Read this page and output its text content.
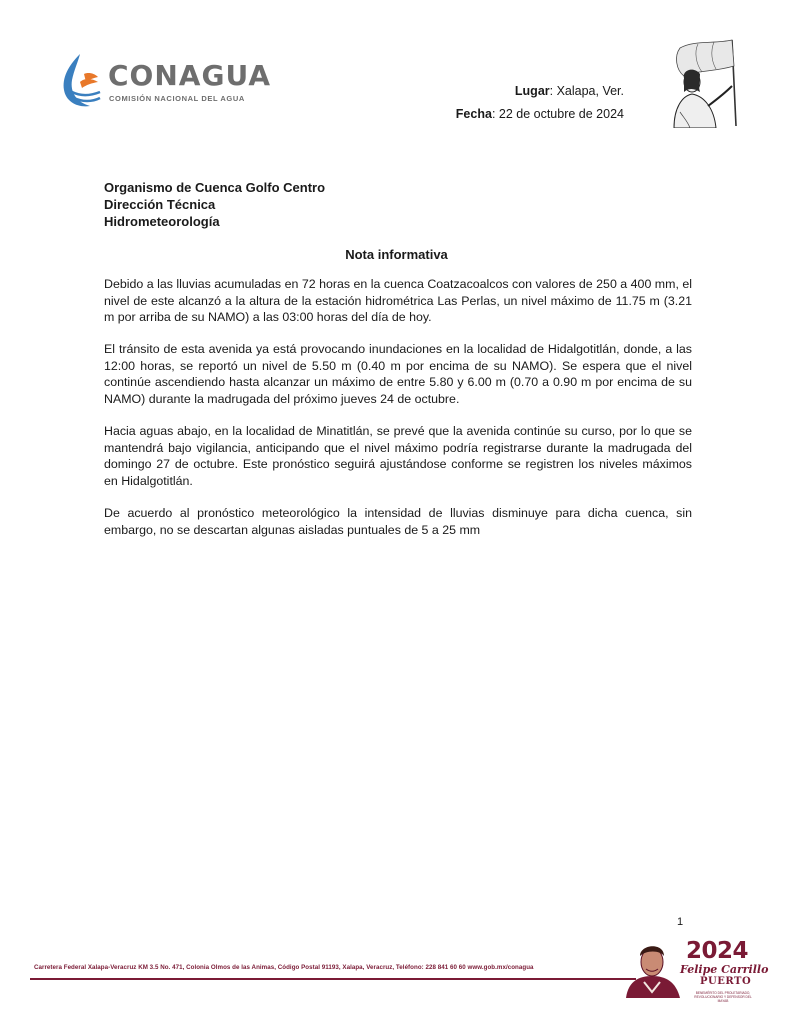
CONAGUA
COMISIÓN NACIONAL DEL AGUA
Lugar: Xalapa, Ver.
Fecha: 22 de octubre de 2024
Organismo de Cuenca Golfo Centro
Dirección Técnica
Hidrometeorología
Nota informativa

Debido a las lluvias acumuladas en 72 horas en la cuenca Coatzacoalcos con valores de 250 a 400 mm, el nivel de este alcanzó a la altura de la estación hidrométrica Las Perlas, un nivel máximo de 11.75 m (3.21 m por arriba de su NAMO) a las 03:00 horas del día de hoy.

El tránsito de esta avenida ya está provocando inundaciones en la localidad de Hidalgotitlán, donde, a las 12:00 horas, se reportó un nivel de 5.50 m (0.40 m por encima de su NAMO). Se espera que el nivel continúe ascendiendo hasta alcanzar un máximo de entre 5.80 y 6.00 m (0.70 a 0.90 m por encima de su NAMO) durante la madrugada del próximo jueves 24 de octubre.

Hacia aguas abajo, en la localidad de Minatitlán, se prevé que la avenida continúe su curso, por lo que se mantendrá bajo vigilancia, anticipando que el nivel máximo podría registrarse durante la madrugada del domingo 27 de octubre. Este pronóstico seguirá ajustándose conforme se registren los niveles máximos en Hidalgotitlán.

De acuerdo al pronóstico meteorológico la intensidad de lluvias disminuye para dicha cuenca, sin embargo, no se descartan algunas aisladas puntuales de 5 a 25 mm

1
Carretera Federal Xalapa-Veracruz KM 3.5 No. 471, Colonia Olmos de las Animas, Código Postal 91193, Xalapa, Veracruz, Teléfono: 228 841 60 60 www.gob.mx/conagua
2024
Felipe Carrillo
PUERTO
BENEMÉRITO DEL PROLETARIADO, REVOLUCIONARIO Y DEFENSOR DEL MAYAB
